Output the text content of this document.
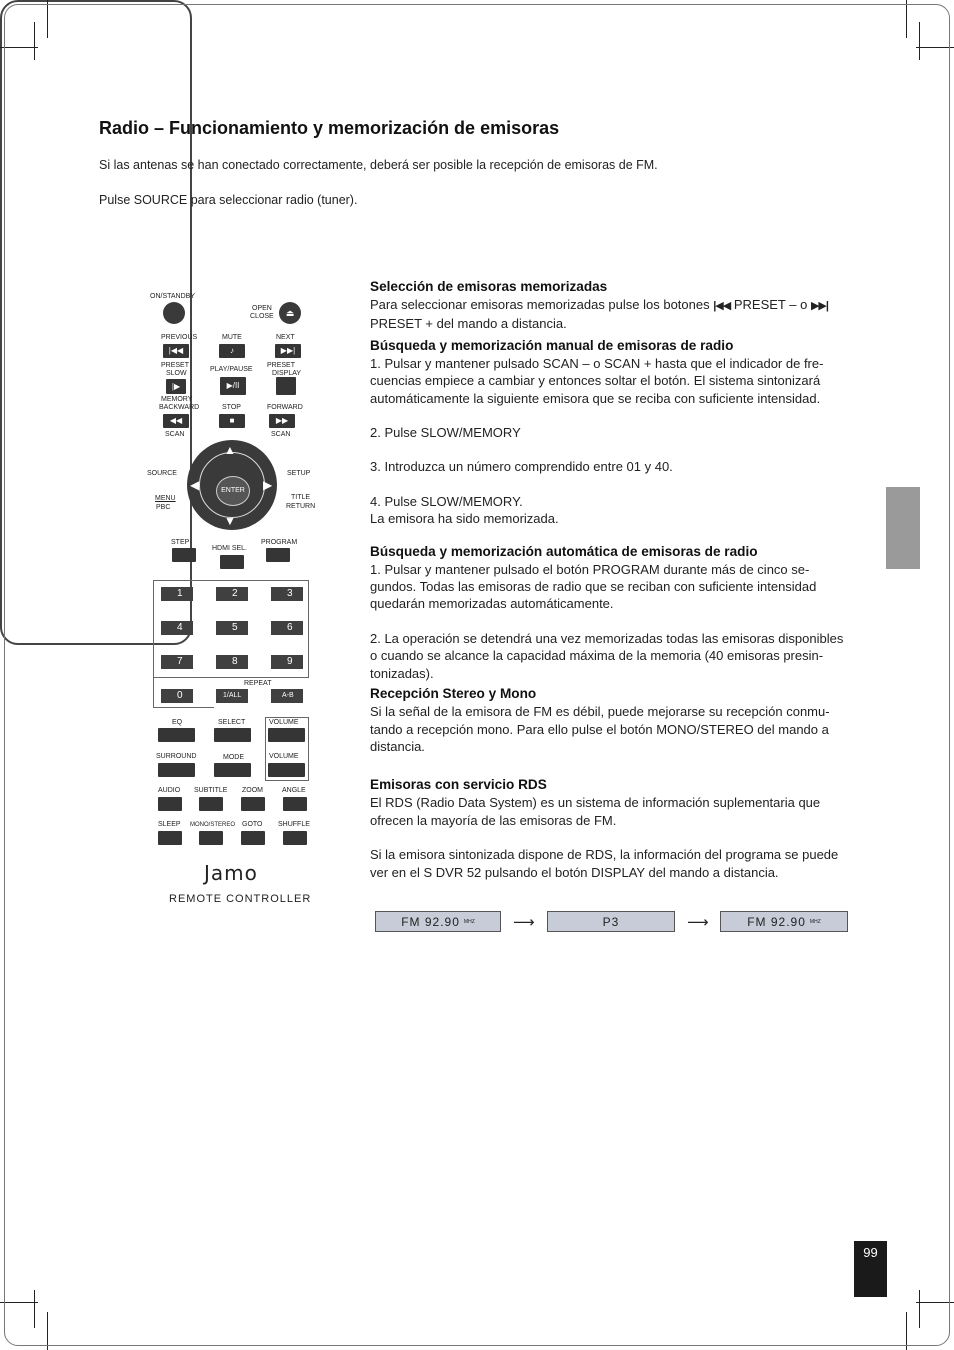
Radio – Funcionamiento y memorización de emisoras
Si las antenas se han conectado correctamente, deberá ser posible la recepción de emisoras de FM.
Pulse SOURCE para seleccionar radio (tuner).
99
Selección de emisoras memorizadas

Para seleccionar emisoras memorizadas pulse los botones |◀◀ PRESET – o ▶▶|

PRESET + del mando a distancia.

Búsqueda y memorización manual de emisoras de radio

1. Pulsar y mantener pulsado SCAN – o SCAN + hasta que el indicador de fre-

cuencias empiece a cambiar y entonces soltar el botón. El sistema sintonizará

automáticamente la siguiente emisora que se reciba con suficiente intensidad.

2. Pulse SLOW/MEMORY

3. Introduzca un número comprendido entre 01 y 40.

4. Pulse SLOW/MEMORY.

La emisora ha sido memorizada.

Búsqueda y memorización automática de emisoras de radio

1. Pulsar y mantener pulsado el botón PROGRAM durante más de cinco se-

gundos. Todas las emisoras de radio que se reciban con suficiente intensidad

quedarán memorizadas automáticamente.

2. La operación se detendrá una vez memorizadas todas las emisoras disponibles

o cuando se alcance la capacidad máxima de la memoria (40 emisoras presin-

tonizadas).

Recepción Stereo y Mono

Si la señal de la emisora de FM es débil, puede mejorarse su recepción conmu-

tando a recepción mono. Para ello pulse el botón MONO/STEREO del mando a

distancia.

Emisoras con servicio RDS

El RDS (Radio Data System) es un sistema de información suplementaria que

ofrecen la mayoría de las emisoras de FM.

Si la emisora sintonizada dispone de RDS, la información del programa se puede

ver en el S DVR 52 pulsando el botón DISPLAY del mando a distancia.

FM 92.90 MHZ	⟶	P3	⟶	FM 92.90 MHZ
ON/STANDBY
OPEN
CLOSE	⏏
PREVIOUS	MUTE	NEXT
|◀◀	♪	▶▶|
PRESET
SLOW
PLAY/PAUSE
PRESET
DISPLAY
|▶	▶/II
MEMORY
BACKWARD	STOP	FORWARD
◀◀	■	▶▶
SCAN	SCAN
SOURCE	SETUP
MENU
PBC
TITLE
RETURN
▲
▼
◀	▶
ENTER
STEP
HDMI SEL.
PROGRAM
1	2	3
4	5	6
7	8	9
0
REPEAT
1/ALL	A-B
EQ	SELECT	VOLUME
SURROUND	MODE	VOLUME
AUDIO SUBTITLE ZOOM	ANGLE
SLEEP MONO/STEREO GOTO SHUFFLE
Jamo
REMOTE CONTROLLER
